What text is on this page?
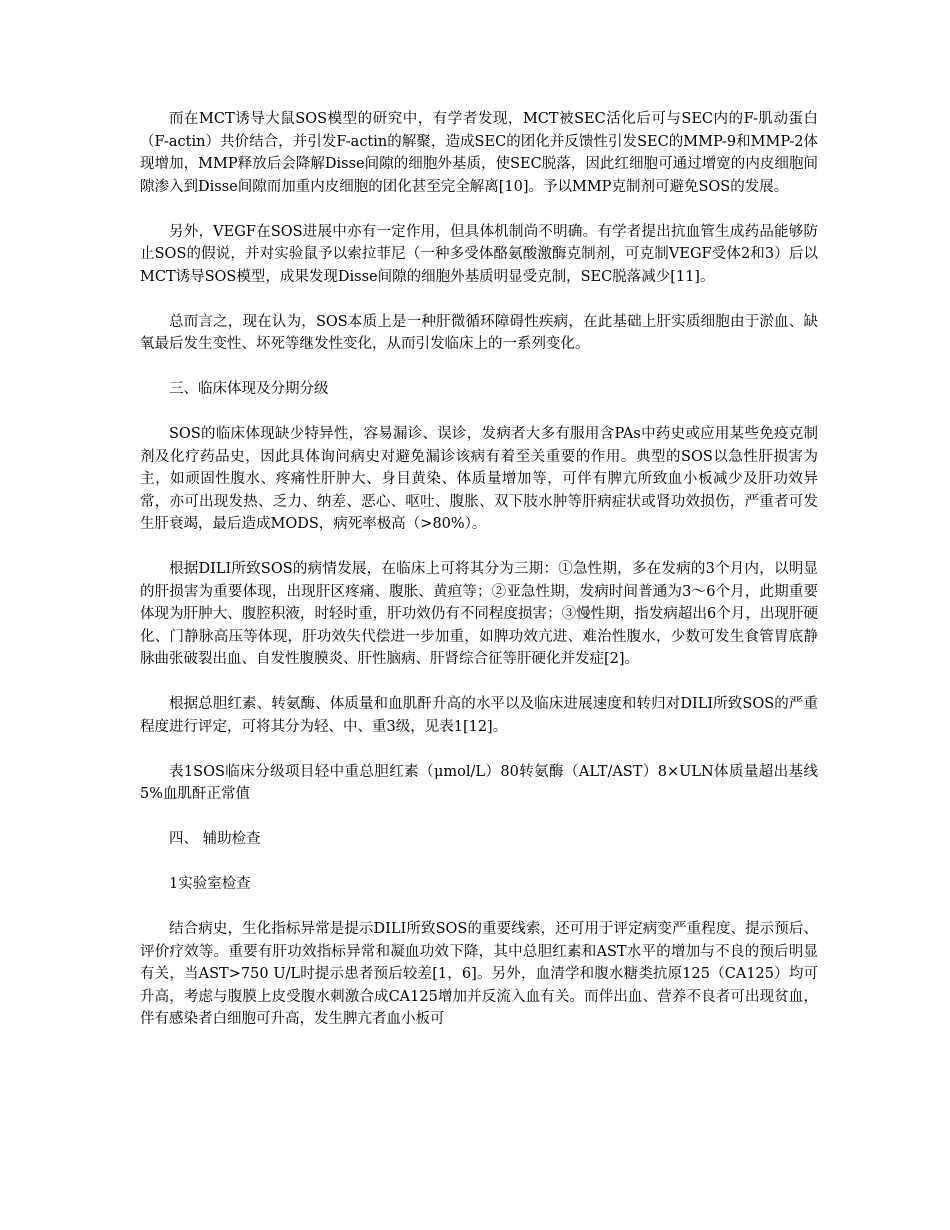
而在MCT诱导大鼠SOS模型的研究中，有学者发现，MCT被SEC活化后可与SEC内的F-肌动蛋白（F-actin）共价结合，并引发F-actin的解聚，造成SEC的团化并反馈性引发SEC的MMP-9和MMP-2体现增加，MMP释放后会降解Disse间隙的细胞外基质，使SEC脱落，因此红细胞可通过增宽的内皮细胞间隙渗入到Disse间隙而加重内皮细胞的团化甚至完全解离[10]。予以MMP克制剂可避免SOS的发展。

另外，VEGF在SOS进展中亦有一定作用，但具体机制尚不明确。有学者提出抗血管生成药品能够防止SOS的假说，并对实验鼠予以索拉菲尼（一种多受体酪氨酸激酶克制剂，可克制VEGF受体2和3）后以MCT诱导SOS模型，成果发现Disse间隙的细胞外基质明显受克制，SEC脱落减少[11]。

总而言之，现在认为，SOS本质上是一种肝微循环障碍性疾病，在此基础上肝实质细胞由于淤血、缺氧最后发生变性、坏死等继发性变化，从而引发临床上的一系列变化。

三、临床体现及分期分级

SOS的临床体现缺少特异性，容易漏诊、误诊，发病者大多有服用含PAs中药史或应用某些免疫克制剂及化疗药品史，因此具体询问病史对避免漏诊该病有着至关重要的作用。典型的SOS以急性肝损害为主，如顽固性腹水、疼痛性肝肿大、身目黄染、体质量增加等，可伴有脾亢所致血小板减少及肝功效异常，亦可出现发热、乏力、纳差、恶心、呕吐、腹胀、双下肢水肿等肝病症状或肾功效损伤，严重者可发生肝衰竭，最后造成MODS，病死率极高（>80%）。

根据DILI所致SOS的病情发展，在临床上可将其分为三期：①急性期，多在发病的3个月内，以明显的肝损害为重要体现，出现肝区疼痛、腹胀、黄疸等；②亚急性期，发病时间普通为3～6个月，此期重要体现为肝肿大、腹腔积液，时轻时重，肝功效仍有不同程度损害；③慢性期，指发病超出6个月，出现肝硬化、门静脉高压等体现，肝功效失代偿进一步加重，如脾功效亢进、难治性腹水，少数可发生食管胃底静脉曲张破裂出血、自发性腹膜炎、肝性脑病、肝肾综合征等肝硬化并发症[2]。

根据总胆红素、转氨酶、体质量和血肌酐升高的水平以及临床进展速度和转归对DILI所致SOS的严重程度进行评定，可将其分为轻、中、重3级，见表1[12]。

表1SOS临床分级项目轻中重总胆红素（μmol/L）80转氨酶（ALT/AST）8×ULN体质量超出基线5%血肌酐正常值

四、 辅助检查

1实验室检查

结合病史，生化指标异常是提示DILI所致SOS的重要线索，还可用于评定病变严重程度、提示预后、评价疗效等。重要有肝功效指标异常和凝血功效下降，其中总胆红素和AST水平的增加与不良的预后明显有关，当AST>750 U/L时提示患者预后较差[1，6]。另外，血清学和腹水糖类抗原125（CA125）均可升高，考虑与腹膜上皮受腹水刺激合成CA125增加并反流入血有关。而伴出血、营养不良者可出现贫血，伴有感染者白细胞可升高，发生脾亢者血小板可
